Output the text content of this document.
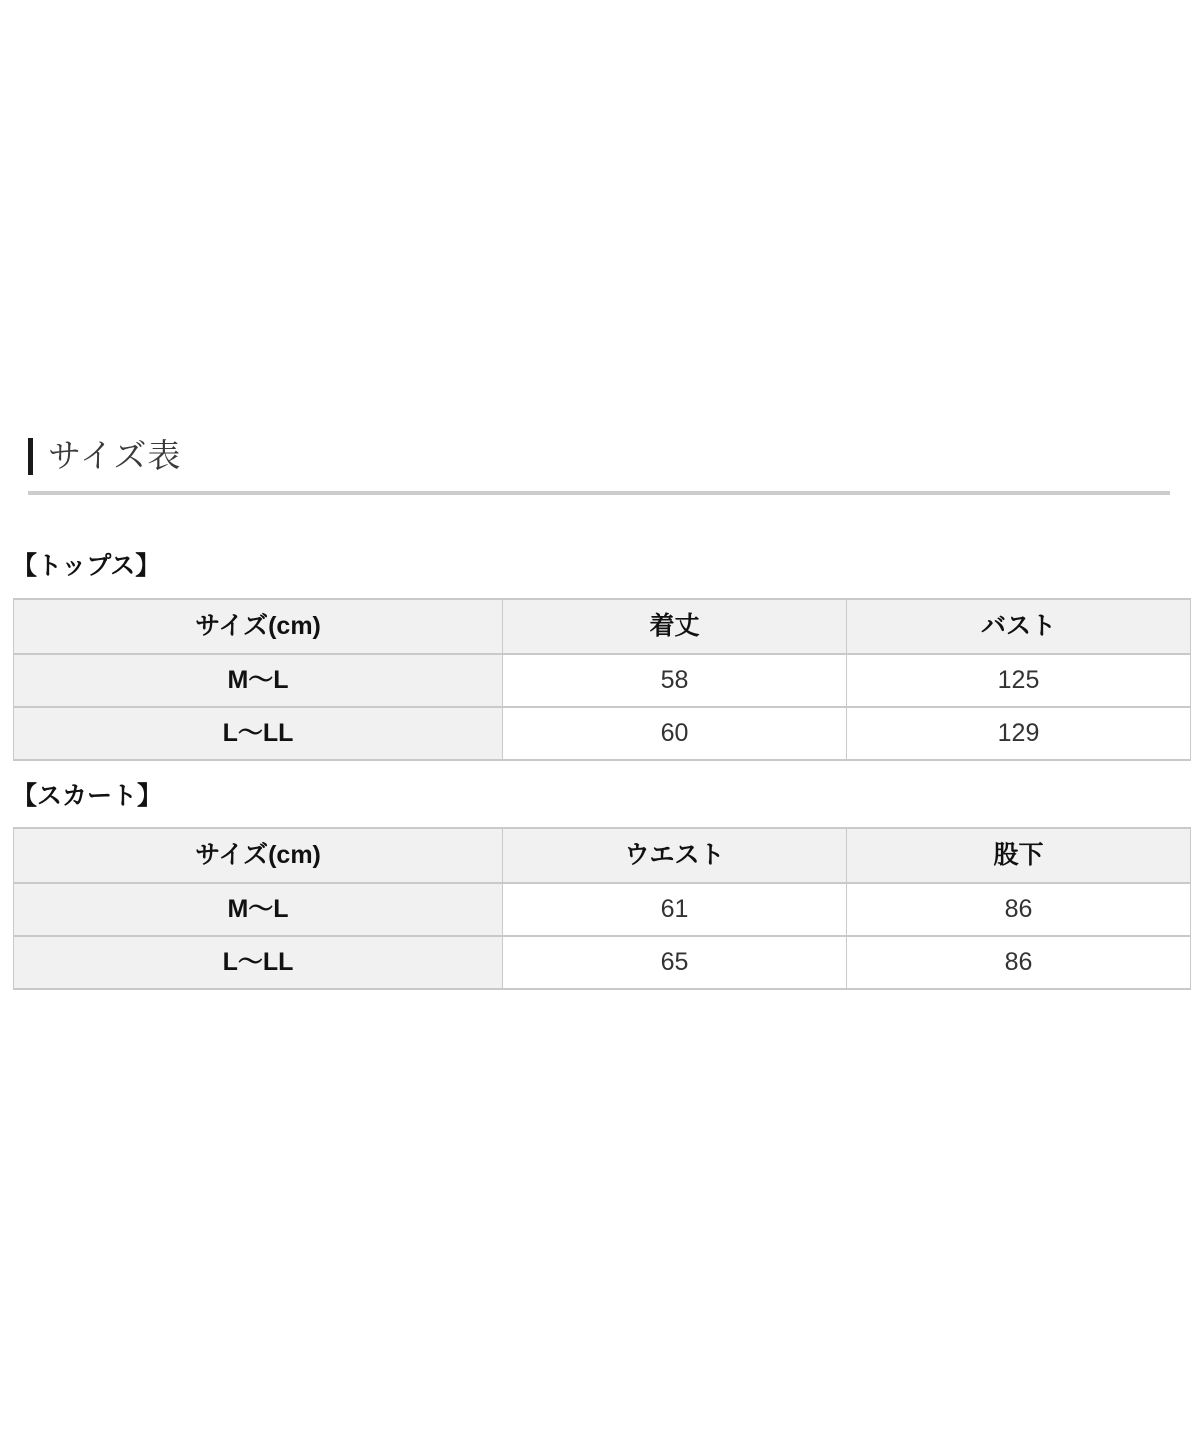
サイズ表
【トップス】
サイズ(cm)	着丈	バスト
M〜L	58	125
L〜LL	60	129
【スカート】
サイズ(cm)	ウエスト	股下
M〜L	61	86
L〜LL	65	86
